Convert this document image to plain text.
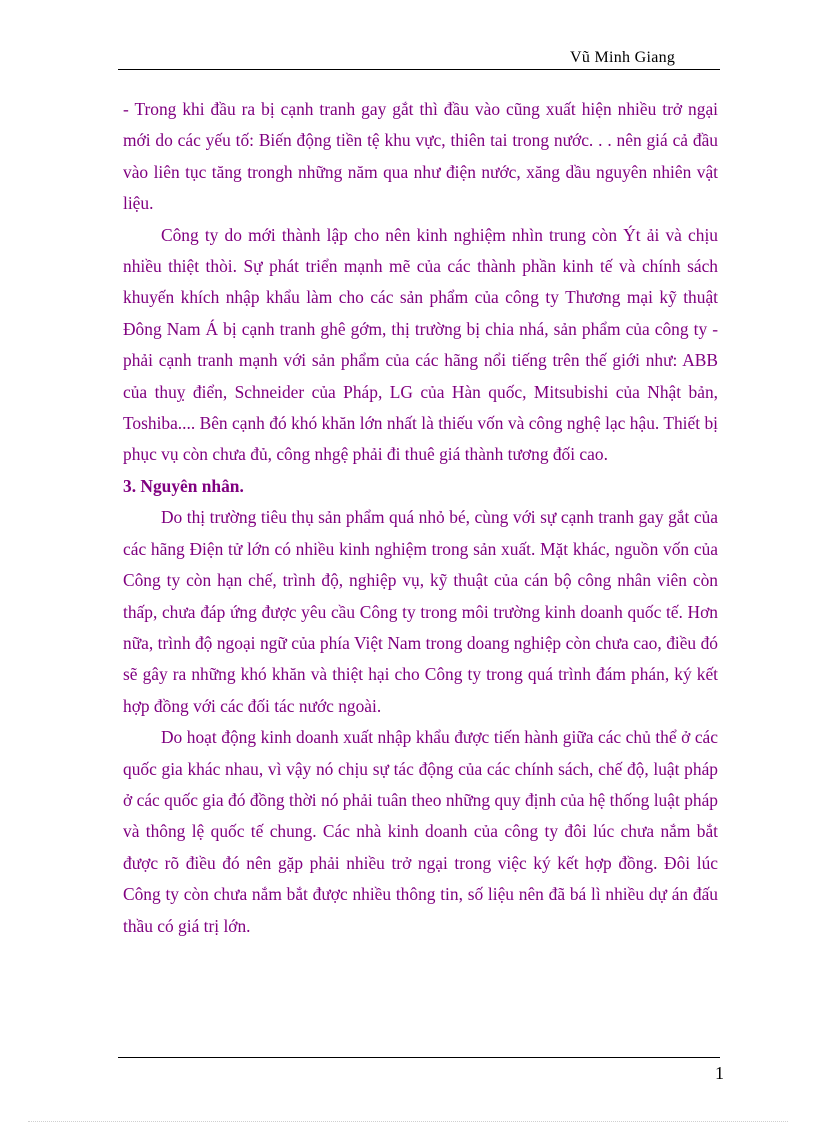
Vũ Minh Giang

- Trong khi đầu ra bị cạnh tranh gay gắt thì đầu vào cũng xuất hiện nhiều trở ngại mới do các yếu tố: Biến động tiền tệ khu vực, thiên tai trong nước. . . nên giá cả đầu vào liên tục tăng trongh những năm qua như điện nước, xăng dầu nguyên nhiên vật liệu.

Công ty do mới thành lập cho nên kinh nghiệm nhìn trung còn Ýt ải và chịu nhiều thiệt thòi. Sự phát triển mạnh mẽ của các thành phần kinh tế và chính sách khuyến khích nhập khẩu làm cho các sản phẩm của công ty Thương mại kỹ thuật Đông Nam Á bị cạnh tranh ghê gớm, thị trường bị chia nhá, sản phẩm của công ty - phải cạnh tranh mạnh với sản phẩm của các hãng nổi tiếng trên thế giới như: ABB của thuỵ điển, Schneider của Pháp, LG của Hàn quốc, Mitsubishi của Nhật bản, Toshiba.... Bên cạnh đó khó khăn lớn nhất là thiếu vốn và công nghệ lạc hậu. Thiết bị phục vụ còn chưa đủ, công nhgệ phải đi thuê giá thành tương đối cao.

3. Nguyên nhân.

Do thị trường tiêu thụ sản phẩm quá nhỏ bé, cùng với sự cạnh tranh gay gắt của các hãng Điện tử lớn có nhiều kinh nghiệm trong sản xuất. Mặt khác, nguồn vốn của Công ty còn hạn chế, trình độ, nghiệp vụ, kỹ thuật của cán bộ công nhân viên còn thấp, chưa đáp ứng được yêu cầu Công ty trong môi trường kinh doanh quốc tế. Hơn nữa, trình độ ngoại ngữ của phía Việt Nam trong doang nghiệp còn chưa cao, điều đó sẽ gây ra những khó khăn và thiệt hại cho Công ty trong quá trình đám phán, ký kết hợp đồng với các đối tác nước ngoài.

Do hoạt động kinh doanh xuất nhập khẩu được tiến hành giữa các chủ thể ở các quốc gia khác nhau, vì vậy nó chịu sự tác động của các chính sách, chế độ, luật pháp ở các quốc gia đó đồng thời nó phải tuân theo những quy định của hệ thống luật pháp và thông lệ quốc tế chung. Các nhà kinh doanh của công ty đôi lúc chưa nắm bắt được rõ điều đó nên gặp phải nhiều trở ngại trong việc ký kết hợp đồng. Đôi lúc Công ty còn chưa nắm bắt được nhiều thông tin, số liệu nên đã bá lì nhiều dự án đấu thầu có giá trị lớn.

1
